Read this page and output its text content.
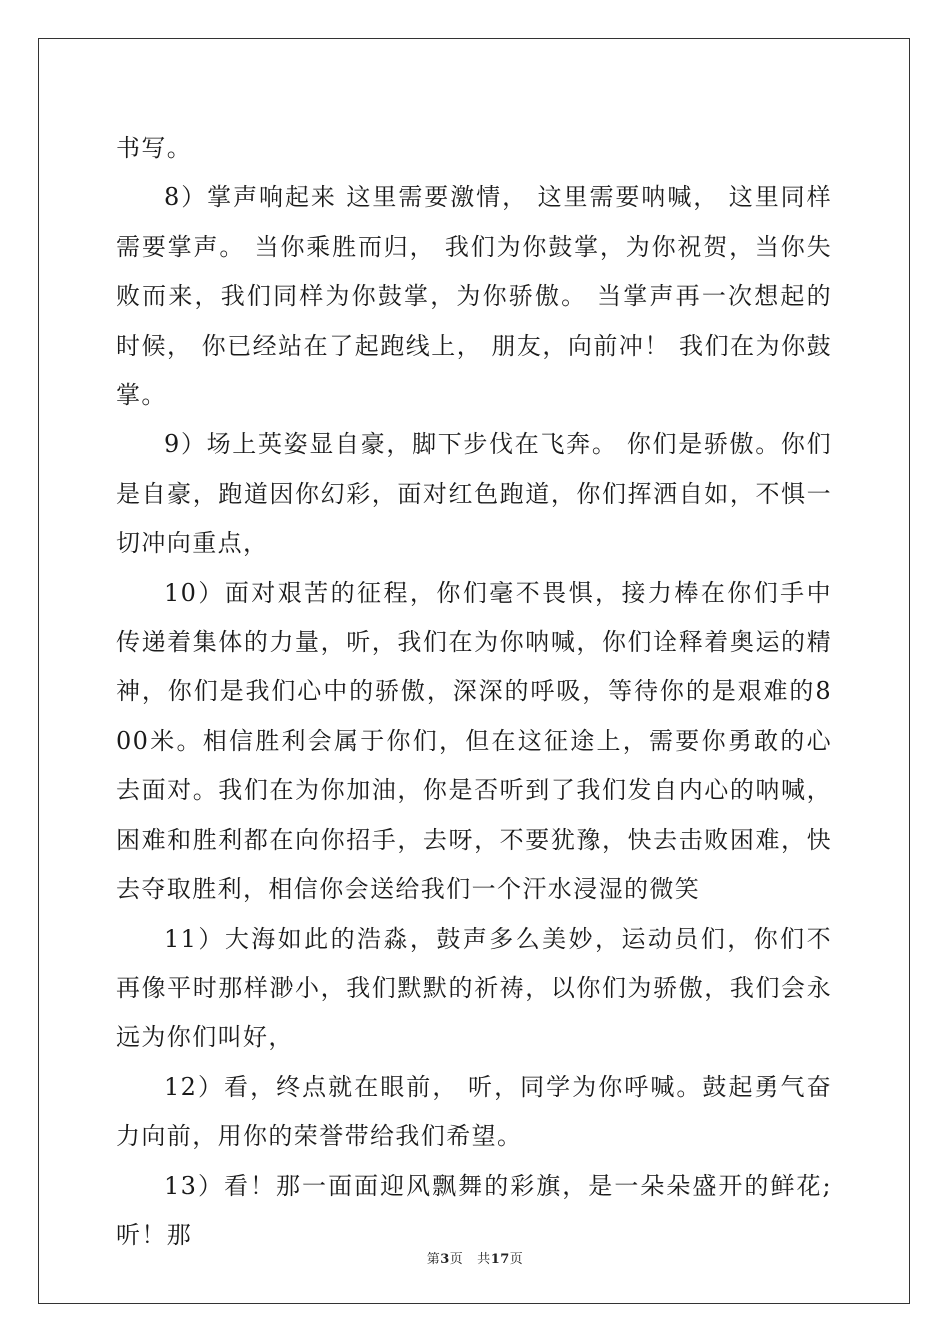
书写。

8）掌声响起来 这里需要激情， 这里需要呐喊， 这里同样需要掌声。 当你乘胜而归， 我们为你鼓掌，为你祝贺，当你失败而来，我们同样为你鼓掌，为你骄傲。 当掌声再一次想起的时候， 你已经站在了起跑线上， 朋友，向前冲！ 我们在为你鼓掌。

9）场上英姿显自豪，脚下步伐在飞奔。 你们是骄傲。你们是自豪，跑道因你幻彩，面对红色跑道，你们挥洒自如，不惧一切冲向重点，

10）面对艰苦的征程，你们毫不畏惧，接力棒在你们手中传递着集体的力量，听，我们在为你呐喊，你们诠释着奥运的精神，你们是我们心中的骄傲，深深的呼吸，等待你的是艰难的800米。相信胜利会属于你们，但在这征途上，需要你勇敢的心去面对。我们在为你加油，你是否听到了我们发自内心的呐喊，困难和胜利都在向你招手，去呀，不要犹豫，快去击败困难，快去夺取胜利，相信你会送给我们一个汗水浸湿的微笑

11）大海如此的浩淼，鼓声多么美妙，运动员们，你们不再像平时那样渺小，我们默默的祈祷，以你们为骄傲，我们会永远为你们叫好，

12）看，终点就在眼前， 听，同学为你呼喊。鼓起勇气奋力向前，用你的荣誉带给我们希望。

13）看！那一面面迎风飘舞的彩旗，是一朵朵盛开的鲜花;听！那

第3页 共17页
